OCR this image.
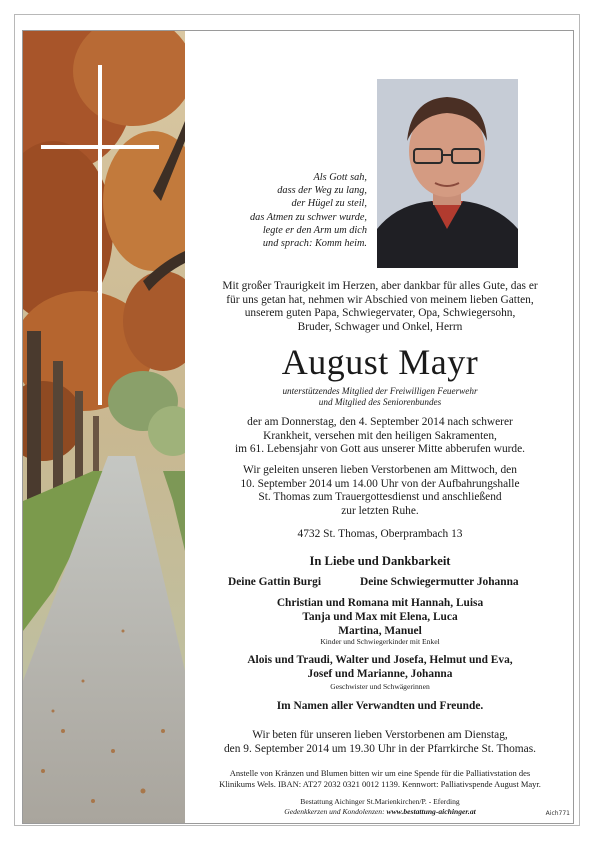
Als Gott sah,
dass der Weg zu lang,
der Hügel zu steil,
das Atmen zu schwer wurde,
legte er den Arm um dich
und sprach: Komm heim.
Mit großer Traurigkeit im Herzen, aber dankbar für alles Gute, das er
für uns getan hat, nehmen wir Abschied von meinem lieben Gatten,
unserem guten Papa, Schwiegervater, Opa, Schwiegersohn,
Bruder, Schwager und Onkel, Herrn
August Mayr
unterstützendes Mitglied der Freiwilligen Feuerwehr
und Mitglied des Seniorenbundes
der am Donnerstag, den 4. September 2014 nach schwerer
Krankheit, versehen mit den heiligen Sakramenten,
im 61. Lebensjahr von Gott aus unserer Mitte abberufen wurde.
Wir geleiten unseren lieben Verstorbenen am Mittwoch, den
10. September 2014 um 14.00 Uhr von der Aufbahrungshalle
St. Thomas zum Trauergottesdienst und anschließend
zur letzten Ruhe.
4732 St. Thomas, Oberprambach 13
In Liebe und Dankbarkeit
Deine Gattin Burgi	Deine Schwiegermutter Johanna
Christian und Romana mit Hannah, Luisa
Tanja und Max mit Elena, Luca
Martina, Manuel
Kinder und Schwiegerkinder mit Enkel
Alois und Traudi, Walter und Josefa, Helmut und Eva,
Josef und Marianne, Johanna
Geschwister und Schwägerinnen
Im Namen aller Verwandten und Freunde.
Wir beten für unseren lieben Verstorbenen am Dienstag,
den 9. September 2014 um 19.30 Uhr in der Pfarrkirche St. Thomas.
Anstelle von Kränzen und Blumen bitten wir um eine Spende für die Palliativstation des
Klinikums Wels. IBAN: AT27 2032 0321 0012 1139. Kennwort: Palliativspende August Mayr.
Bestattung Aichinger St.Marienkirchen/P. - Eferding
Gedenkkerzen und Kondolenzen: www.bestattung-aichinger.at	Aich771
